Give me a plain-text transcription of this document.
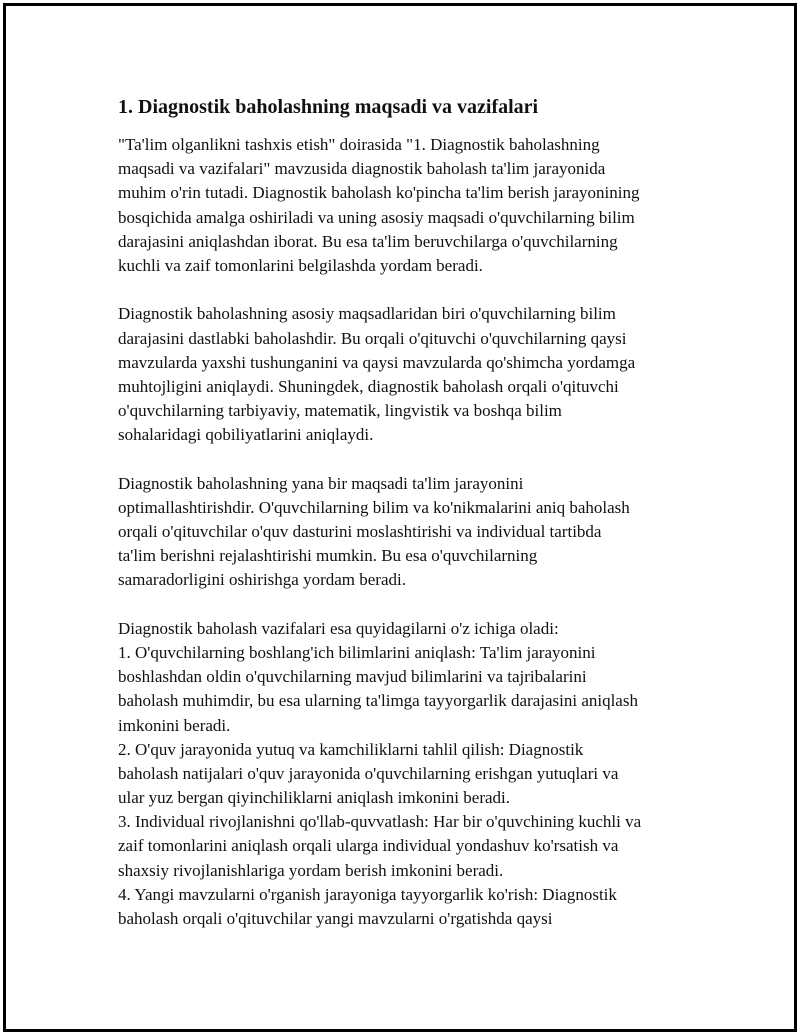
1. Diagnostik baholashning maqsadi va vazifalari
"Ta'lim olganlikni tashxis etish" doirasida "1. Diagnostik baholashning
maqsadi va vazifalari" mavzusida diagnostik baholash ta'lim jarayonida
muhim o'rin tutadi. Diagnostik baholash ko'pincha ta'lim berish jarayonining
bosqichida amalga oshiriladi va uning asosiy maqsadi o'quvchilarning bilim
darajasini aniqlashdan iborat. Bu esa ta'lim beruvchilarga o'quvchilarning
kuchli va zaif tomonlarini belgilashda yordam beradi.
Diagnostik baholashning asosiy maqsadlaridan biri o'quvchilarning bilim
darajasini dastlabki baholashdir. Bu orqali o'qituvchi o'quvchilarning qaysi
mavzularda yaxshi tushunganini va qaysi mavzularda qo'shimcha yordamga
muhtojligini aniqlaydi. Shuningdek, diagnostik baholash orqali o'qituvchi
o'quvchilarning tarbiyaviy, matematik, lingvistik va boshqa bilim
sohalaridagi qobiliyatlarini aniqlaydi.
Diagnostik baholashning yana bir maqsadi ta'lim jarayonini
optimallashtirishdir. O'quvchilarning bilim va ko'nikmalarini aniq baholash
orqali o'qituvchilar o'quv dasturini moslashtirishi va individual tartibda
ta'lim berishni rejalashtirishi mumkin. Bu esa o'quvchilarning
samaradorligini oshirishga yordam beradi.
Diagnostik baholash vazifalari esa quyidagilarni o'z ichiga oladi:
1. O'quvchilarning boshlang'ich bilimlarini aniqlash: Ta'lim jarayonini
boshlashdan oldin o'quvchilarning mavjud bilimlarini va tajribalarini
baholash muhimdir, bu esa ularning ta'limga tayyorgarlik darajasini aniqlash
imkonini beradi.
2. O'quv jarayonida yutuq va kamchiliklarni tahlil qilish: Diagnostik
baholash natijalari o'quv jarayonida o'quvchilarning erishgan yutuqlari va
ular yuz bergan qiyinchiliklarni aniqlash imkonini beradi.
3. Individual rivojlanishni qo'llab-quvvatlash: Har bir o'quvchining kuchli va
zaif tomonlarini aniqlash orqali ularga individual yondashuv ko'rsatish va
shaxsiy rivojlanishlariga yordam berish imkonini beradi.
4. Yangi mavzularni o'rganish jarayoniga tayyorgarlik ko'rish: Diagnostik
baholash orqali o'qituvchilar yangi mavzularni o'rgatishda qaysi
